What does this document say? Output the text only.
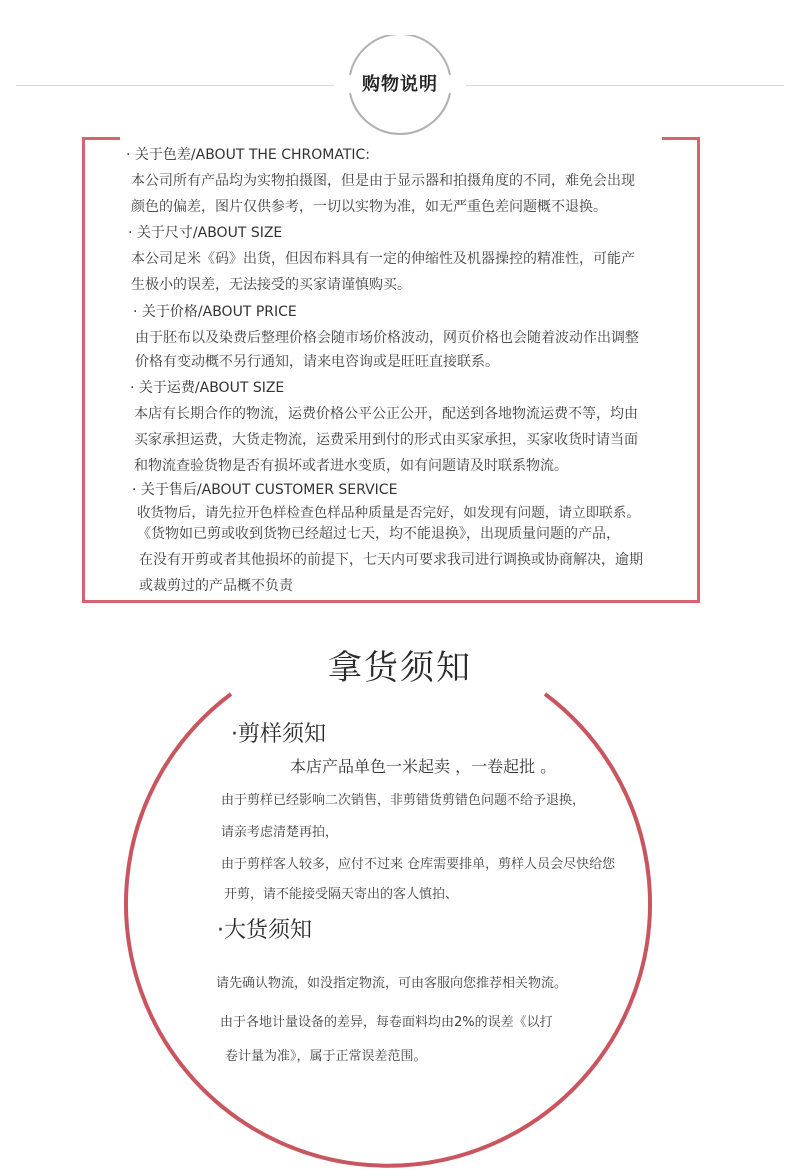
购物说明
· 关于色差/ABOUT THE CHROMATIC:
本公司所有产品均为实物拍摄图，但是由于显示器和拍摄角度的不同，难免会出现
颜色的偏差，图片仅供参考，一切以实物为准，如无严重色差问题概不退换。
· 关于尺寸/ABOUT SIZE
本公司足米《码》出货，但因布料具有一定的伸缩性及机器操控的精准性，可能产
生极小的误差，无法接受的买家请谨慎购买。
· 关于价格/ABOUT PRICE
由于胚布以及染费后整理价格会随市场价格波动，网页价格也会随着波动作出调整
价格有变动概不另行通知，请来电咨询或是旺旺直接联系。
· 关于运费/ABOUT SIZE
本店有长期合作的物流，运费价格公平公正公开，配送到各地物流运费不等，均由
买家承担运费，大货走物流，运费采用到付的形式由买家承担，买家收货时请当面
和物流查验货物是否有损坏或者进水变质，如有问题请及时联系物流。
· 关于售后/ABOUT CUSTOMER SERVICE
收货物后，请先拉开色样检查色样品种质量是否完好，如发现有问题，请立即联系。
《货物如已剪或收到货物已经超过七天，均不能退换》，出现质量问题的产品，
在没有开剪或者其他损坏的前提下，七天内可要求我司进行调换或协商解决，逾期
或裁剪过的产品概不负责
拿货须知
·剪样须知
本店产品单色一米起卖 ，一卷起批 。
由于剪样已经影响二次销售，非剪错货剪错色问题不给予退换，
请亲考虑清楚再拍，
由于剪样客人较多，应付不过来 仓库需要排单，剪样人员会尽快给您
开剪，请不能接受隔天寄出的客人慎拍、
·大货须知
请先确认物流，如没指定物流，可由客服向您推荐相关物流。
由于各地计量设备的差异，每卷面料均由2%的误差《以打
卷计量为准》，属于正常误差范围。
